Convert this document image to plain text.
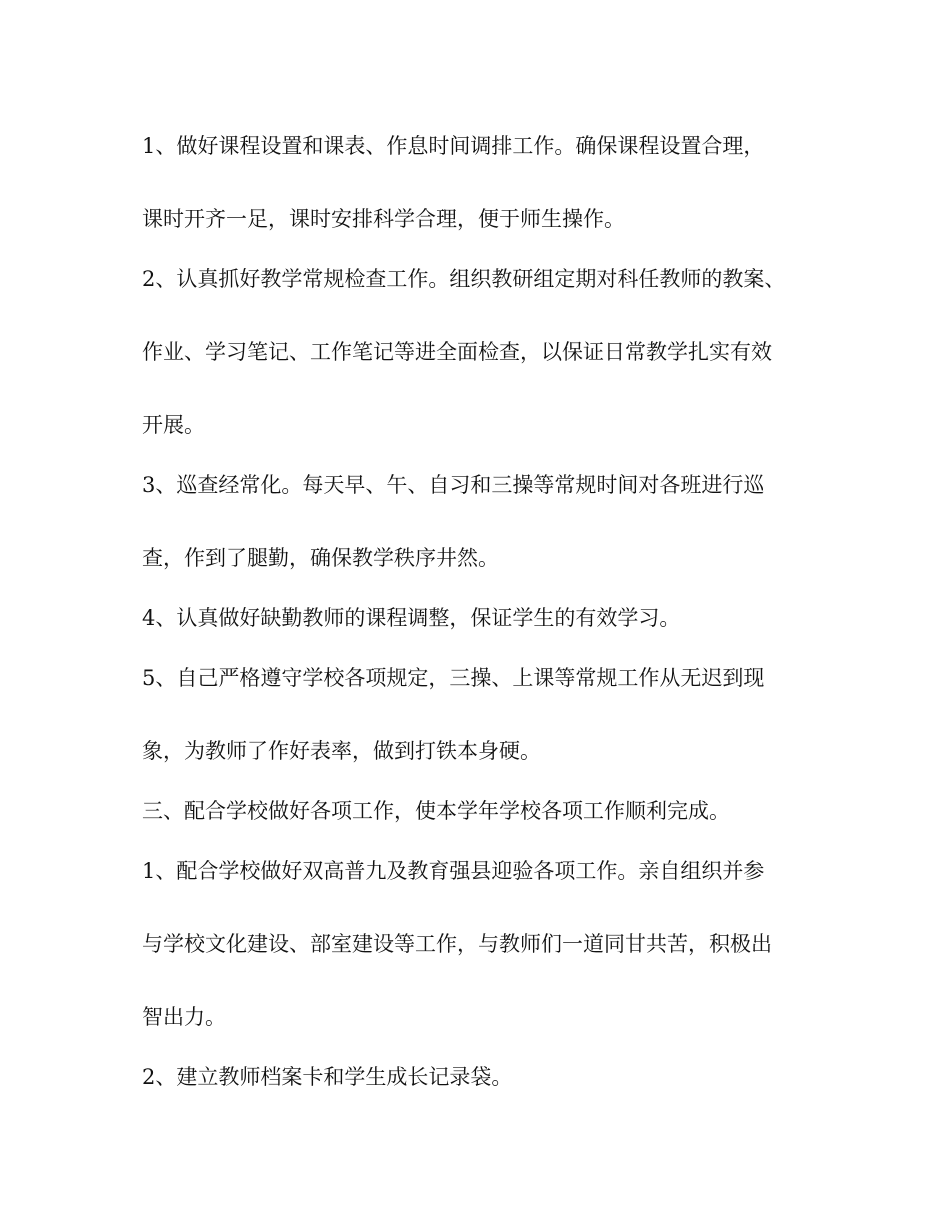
1、做好课程设置和课表、作息时间调排工作。确保课程设置合理，
课时开齐一足，课时安排科学合理，便于师生操作。
2、认真抓好教学常规检查工作。组织教研组定期对科任教师的教案、
作业、学习笔记、工作笔记等进全面检查，以保证日常教学扎实有效
开展。
3、巡查经常化。每天早、午、自习和三操等常规时间对各班进行巡
查，作到了腿勤，确保教学秩序井然。
4、认真做好缺勤教师的课程调整，保证学生的有效学习。
5、自己严格遵守学校各项规定，三操、上课等常规工作从无迟到现
象，为教师了作好表率，做到打铁本身硬。
三、配合学校做好各项工作，使本学年学校各项工作顺利完成。
1、配合学校做好双高普九及教育强县迎验各项工作。亲自组织并参
与学校文化建设、部室建设等工作，与教师们一道同甘共苦，积极出
智出力。
2、建立教师档案卡和学生成长记录袋。
